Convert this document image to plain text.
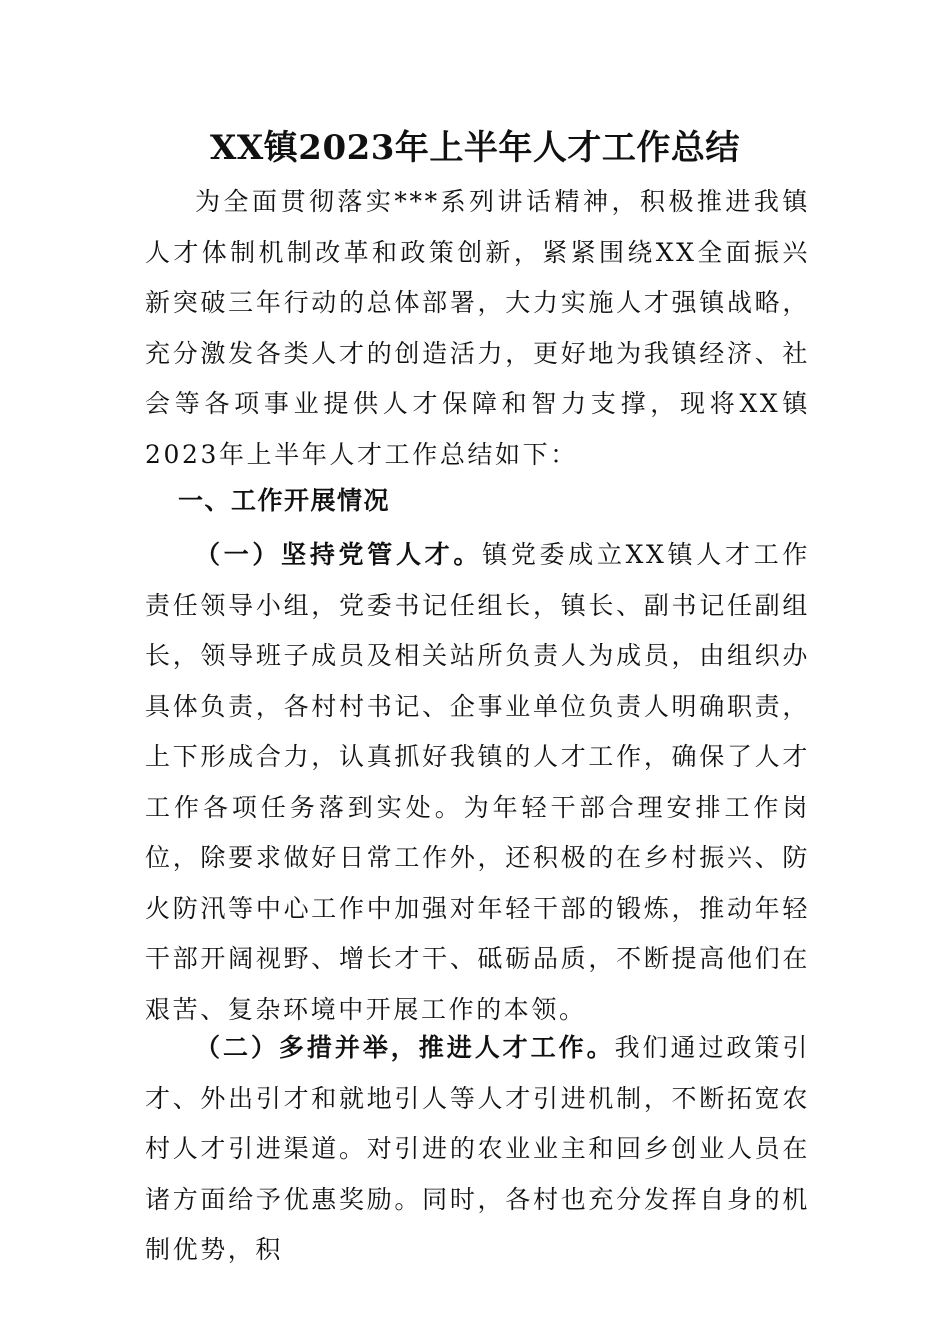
XX镇2023年上半年人才工作总结

为全面贯彻落实***系列讲话精神，积极推进我镇人才体制机制改革和政策创新，紧紧围绕XX全面振兴新突破三年行动的总体部署，大力实施人才强镇战略，充分激发各类人才的创造活力，更好地为我镇经济、社会等各项事业提供人才保障和智力支撑，现将XX镇2023年上半年人才工作总结如下：

一、工作开展情况

（一）坚持党管人才。镇党委成立XX镇人才工作责任领导小组，党委书记任组长，镇长、副书记任副组长，领导班子成员及相关站所负责人为成员，由组织办具体负责，各村村书记、企事业单位负责人明确职责，上下形成合力，认真抓好我镇的人才工作，确保了人才工作各项任务落到实处。为年轻干部合理安排工作岗位，除要求做好日常工作外，还积极的在乡村振兴、防火防汛等中心工作中加强对年轻干部的锻炼，推动年轻干部开阔视野、增长才干、砥砺品质，不断提高他们在艰苦、复杂环境中开展工作的本领。

（二）多措并举，推进人才工作。我们通过政策引才、外出引才和就地引人等人才引进机制，不断拓宽农村人才引进渠道。对引进的农业业主和回乡创业人员在诸方面给予优惠奖励。同时，各村也充分发挥自身的机制优势，积
